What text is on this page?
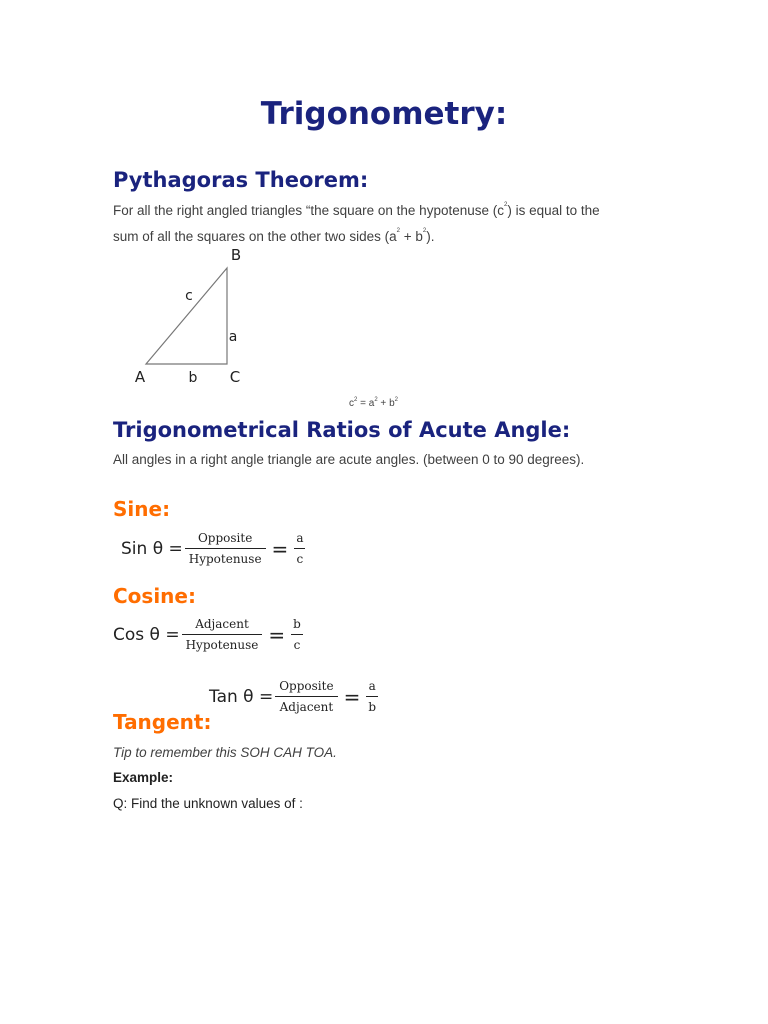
Trigonometry:
Pythagoras Theorem:
For all the right angled triangles “the square on the hypotenuse $(c^2)$ is equal to the
sum of all the squares on the other two sides $(a^2 + b^2)$.
B
A	C
c
a
b
$c^2 = a^2 + b^2$
Trigonometrical Ratios of Acute Angle:
All angles in a right angle triangle are acute angles. (between 0 to 90 degrees).
Sine:
Sin $\theta = \frac{\text{Opposite}}{\text{Hypotenuse}} = \frac{a}{c}$
Cosine:
Cos $\theta = \frac{\text{Adjacent}}{\text{Hypotenuse}} = \frac{b}{c}$
Tan $\theta = \frac{\text{Opposite}}{\text{Adjacent}} = \frac{a}{b}$
Tangent:
Tip to remember this SOH CAH TOA.
Example:
Q: Find the unknown values of :
